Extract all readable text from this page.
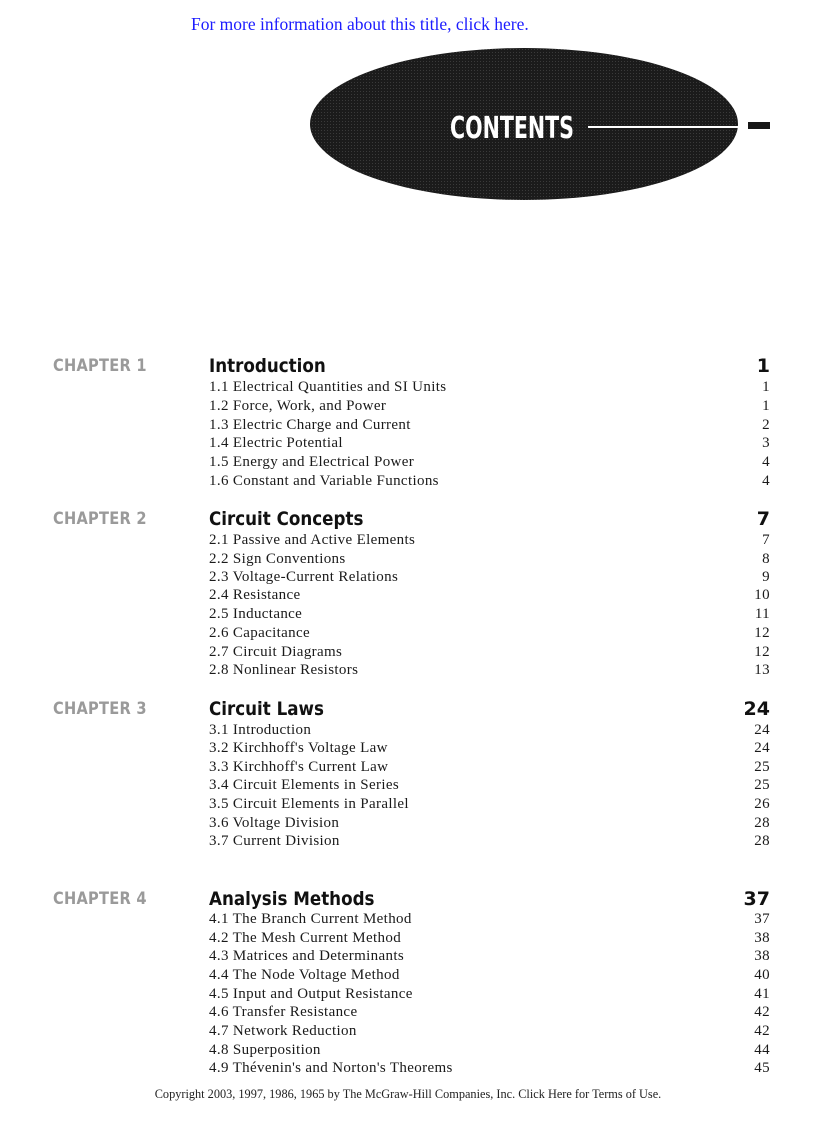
For more information about this title, click here.
CONTENTS
CHAPTER 1	Introduction	1
1.1 Electrical Quantities and SI Units	1
1.2 Force, Work, and Power	1
1.3 Electric Charge and Current	2
1.4 Electric Potential	3
1.5 Energy and Electrical Power	4
1.6 Constant and Variable Functions	4
CHAPTER 2	Circuit Concepts	7
2.1 Passive and Active Elements	7
2.2 Sign Conventions	8
2.3 Voltage-Current Relations	9
2.4 Resistance	10
2.5 Inductance	11
2.6 Capacitance	12
2.7 Circuit Diagrams	12
2.8 Nonlinear Resistors	13
CHAPTER 3	Circuit Laws	24
3.1 Introduction	24
3.2 Kirchhoff's Voltage Law	24
3.3 Kirchhoff's Current Law	25
3.4 Circuit Elements in Series	25
3.5 Circuit Elements in Parallel	26
3.6 Voltage Division	28
3.7 Current Division	28
CHAPTER 4	Analysis Methods	37
4.1 The Branch Current Method	37
4.2 The Mesh Current Method	38
4.3 Matrices and Determinants	38
4.4 The Node Voltage Method	40
4.5 Input and Output Resistance	41
4.6 Transfer Resistance	42
4.7 Network Reduction	42
4.8 Superposition	44
4.9 Thévenin's and Norton's Theorems	45
Copyright 2003, 1997, 1986, 1965 by The McGraw-Hill Companies, Inc. Click Here for Terms of Use.
